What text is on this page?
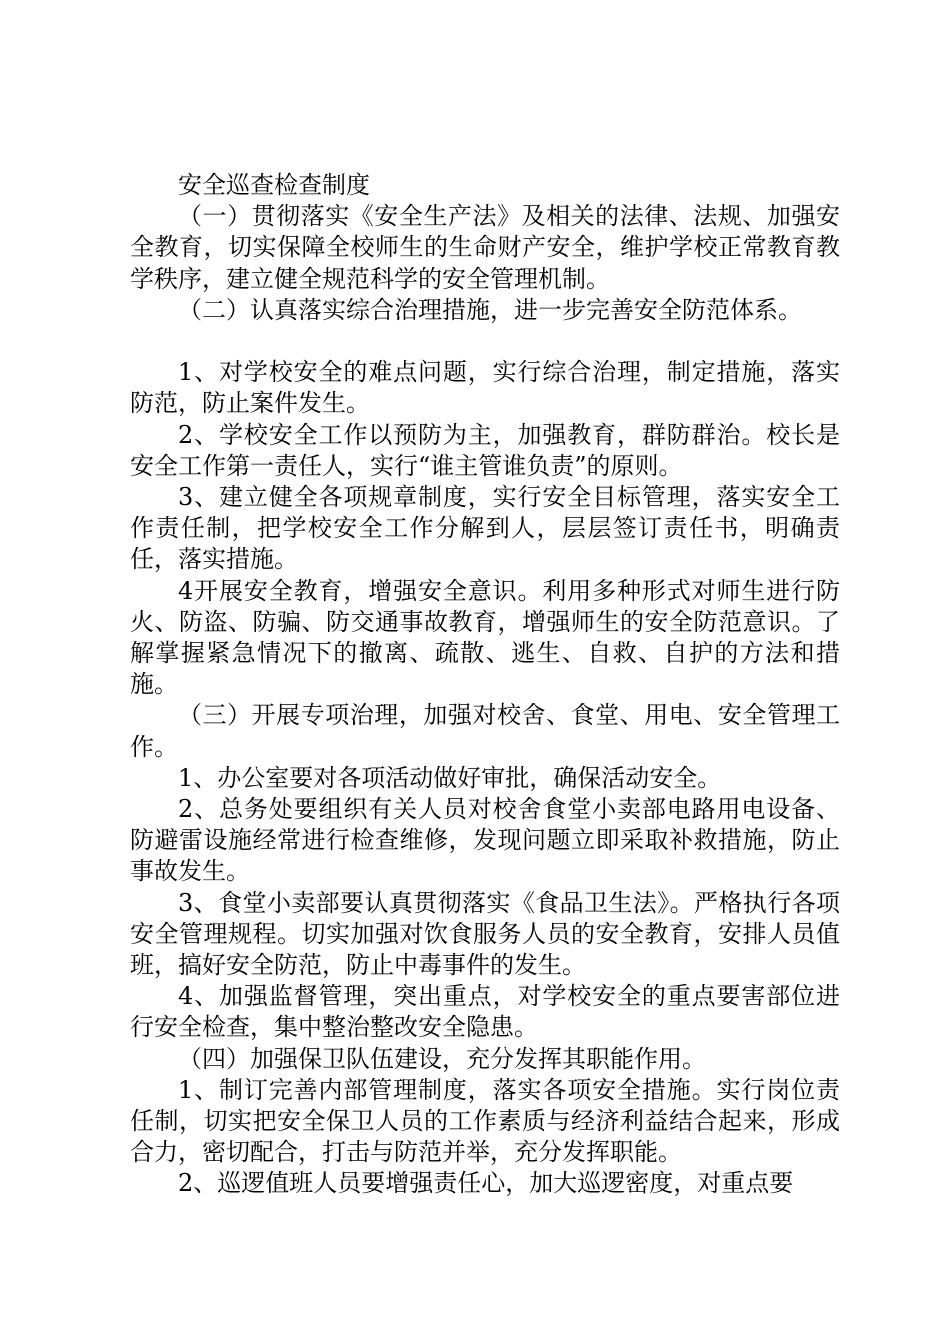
安全巡查检查制度

（一）贯彻落实《安全生产法》及相关的法律、法规、加强安全教育，切实保障全校师生的生命财产安全，维护学校正常教育教学秩序，建立健全规范科学的安全管理机制。

（二）认真落实综合治理措施，进一步完善安全防范体系。

1、对学校安全的难点问题，实行综合治理，制定措施，落实防范，防止案件发生。

2、学校安全工作以预防为主，加强教育，群防群治。校长是安全工作第一责任人，实行“谁主管谁负责”的原则。

3、建立健全各项规章制度，实行安全目标管理，落实安全工作责任制，把学校安全工作分解到人，层层签订责任书，明确责任，落实措施。

4开展安全教育，增强安全意识。利用多种形式对师生进行防火、防盗、防骗、防交通事故教育，增强师生的安全防范意识。了解掌握紧急情况下的撤离、疏散、逃生、自救、自护的方法和措施。

（三）开展专项治理，加强对校舍、食堂、用电、安全管理工作。

1、办公室要对各项活动做好审批，确保活动安全。

2、总务处要组织有关人员对校舍食堂小卖部电路用电设备、防避雷设施经常进行检查维修，发现问题立即采取补救措施，防止事故发生。

3、食堂小卖部要认真贯彻落实《食品卫生法》。严格执行各项安全管理规程。切实加强对饮食服务人员的安全教育，安排人员值班，搞好安全防范，防止中毒事件的发生。

4、加强监督管理，突出重点，对学校安全的重点要害部位进行安全检查，集中整治整改安全隐患。

（四）加强保卫队伍建设，充分发挥其职能作用。

1、制订完善内部管理制度，落实各项安全措施。实行岗位责任制，切实把安全保卫人员的工作素质与经济利益结合起来，形成合力，密切配合，打击与防范并举，充分发挥职能。

2、巡逻值班人员要增强责任心，加大巡逻密度，对重点要
